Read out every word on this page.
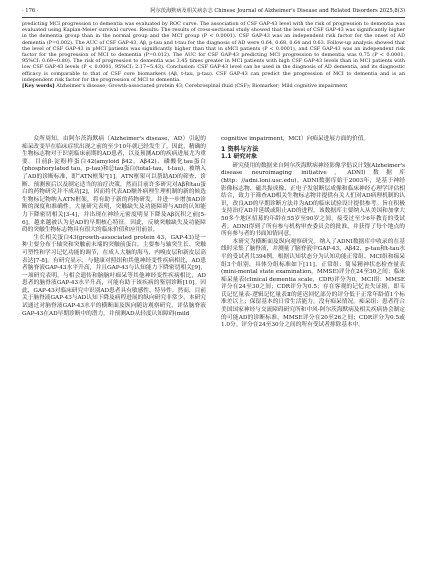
· 176 ·	阿尔茨海默病及相关病杂志 Chinese Journal of Alzheimer's Disease and Related Disorders 2025,8(3)
predicting MCI progression to dementia was evaluated by ROC curve. The association of CSF GAP-43 level with the risk of progression to dementia was evaluated using Kaplan-Meier survival curves. Results: The results of cross-sectional study showed that the level of CSF GAP-43 was significantly higher in the dementia group than in the normal group and the MCI group (P < 0.0001). CSF GAP-43 was an independent risk factor for the onset of AD dementia (P=0.002). The AUC of CSF GAP-43, Aβ, p-tau and t-tau for the diagnosis of AD were 0.64, 0.68, 0.64 and 0.63. Follow-up analysis showed that the level of CSF GAP-43 in pMCI patients was significantly higher than that in sMCI patients (P < 0.0001), and CSF GAP-43 was an independent risk factor for the progression of MCI to dementia (P=0.012). The AUC for CSF GAP-43 predicting MCI progression to dementia was 0.75 (P < 0.0001, 95%CI: 0.69~0.80). The risk of progression to dementia was 3.45 times greater in MCI patients with high CSF GAP-43 levels than in MCI patients with low CSF GAP-43 levels (P < 0.0001, 95%CI: 2.17~5.43). Conclusion: CSF GAP-43 level can be used in the diagnosis of AD dementia, and its diagnostic efficacy is comparable to that of CSF core biomarkers (Aβ, t-tau, p-tau). CSF GAP-43 can predict the progression of MCI to dementia and is an independent risk factor for the progression of MCI to dementia.
[Key words] Alzheimer's disease; Growth-associated protein 43; Cerebrospinal fluid (CSF); Biomarker; Mild cognitive impairment

众所周知，由阿尔茨海默病（Alzheimer's disease，AD）引起的痴呆改变早在临床症状出现之前的至少10年就已经发生了，因此，精确的生物标志物对于识别临床前期的AD患者，以及预测AD的疾病进展尤为重要。目前β-淀粉样蛋白42(amyloid β42，Aβ42)、磷酸化tau蛋白(phosphorylated tau，p-tau)和总tau蛋白(total-tau，t-tau)，被纳入了AD的诊断标准，即“ATN框架”[1]。ATN框架可以帮助AD的筛查、诊断、预测预后以及制定适当的治疗决策，然而目前许多研究对Aβ和tau蛋白的药物研究并不成功[2]，因而将代表AD额外病理生理机制的新的候选生物标记物纳入ATN框架，将有助于新的药物研发，并进一步增加AD诊断的深度和准确性。大量研究表明，突触缺失及功能障碍与AD的认知能力下降密切相关[3-4]，并出现在神经元密度明显下降及Aβ沉积之前[5-6]，越来越被认为是AD的早期核心特征。因此，反映突触缺失及功能障碍的突触生物标志物具有很大的临床价值和应用前景。

生长相关蛋白43(growth-associated protein 43，GAP-43)是一种主要分布于轴突和突触前末端的突触前蛋白，主要参与轴突生长、突触可塑性和学习记忆功能的调节，在成人大脑的海马、内嗅皮层和新皮层高表达[7-8]。有研究显示，与健康对照组和其他神经变性疾病相比，AD患者脑脊液GAP-43水平升高，并且GAP-43与认知能力下降密切相关[9]，一项研究表明，与相会遗传和脑脑叶痴呆等其他神经变性疾病相比，AD患者的脑脊液GAP-43水平升高，可能有助于该疾病的鉴别诊断[10]。因此，GAP-43对临床研究中识别AD患者具有敏感性、特异性。然而，目前关于脑脊液GAP-43与AD认知下降及病程进展的纵向研究非常少，本研究试通过对脑脊液GAP-43水平的横断面及纵向随访观察研究，评估脑脊液GAP-43在AD早期诊断中的潜力，并预测AD从轻度认知障碍(mild

cognitive impairment，MCI）向痴呆进展方面的价值。

1 资料与方法
1.1 研究对象

研究使用的数据来自阿尔茨海默病神经影像学倡议计划(Alzheimer's disease neuroimaging initiative，ADNI)数据库(http：//adni.loni.usc.edu)。ADNI数据库始于2003年，是基于神经影像标志物、磁共振成像、正电子发射断层成像和临床神经心理学评估相结合，致力于筛查AD相关生物标志物并提供有关人们对AD病理机制的认识，改良AD的早期诊断方法并为AD的临床试验设计提供参考。旨在积极支持治疗AD并延缓或阻止AD的进程。该数据库主要纳入从美国和加拿大50多个地区招募的年龄在55岁至90岁之间，接受过至少6年教育的受试者。ADNI得到了所有参与机构审查委员会的批准，并获得了每个地点的所有参与者的书面知情同意。

本研究为横断面及纵向观察研究。纳入了ADNI数据库中收录的在基线时采集了脑脊液，并测量了脑脊液中GAP-43、Aβ42、p-tau和t-tau水平的受试者共394例。根据认知状态分为认知功能正常组、MCI组和痴呆组3个组别，具体分组标准如下[11]。正常组：简易精神状态检查量表(mini-mental state examination，MMSE)评分在24至30之间；临床痴呆量表(clinical dementia scale，CDR)评分为0。MCI组：MMSE评分在24至30之间；CDR评分为0.5；存在客观的记忆丧失证据，即韦氏记忆量表-逻辑记忆量表Ⅱ的延迟回忆部分的评分低于正常年龄值1个标准差以上；保留基本的日常生活能力，没有痴呆情况。痴呆组：患者符合美国国家神经与交流障碍研究所和中风-阿尔茨海默病及相关疾病协会制定的可能AD的诊断标准，MMSE评分在20至26之间；CDR评分为0.5或1.0分。评分在24至30分之间的所有受试者排除基本中。
